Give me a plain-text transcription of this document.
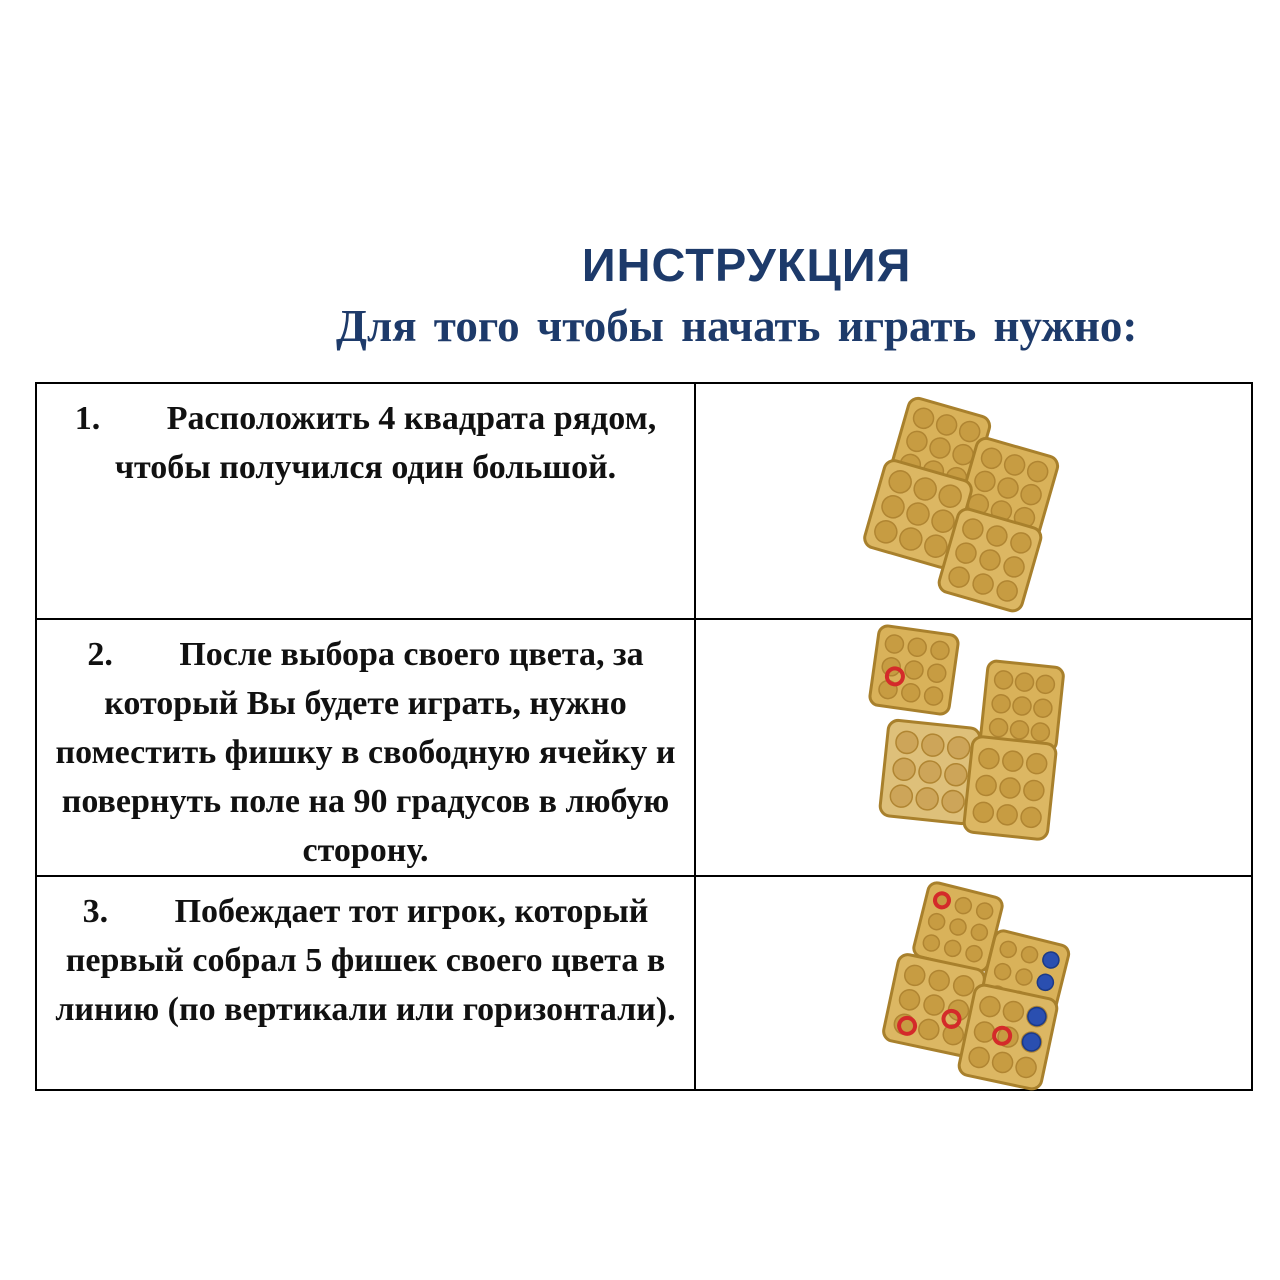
ИНСТРУКЦИЯ
Для того чтобы начать играть нужно:
1. Расположить 4 квадрата рядом, чтобы получился один большой.

2. После выбора своего цвета, за который Вы будете играть, нужно поместить фишку в свободную ячейку и повернуть поле на 90 градусов в любую сторону.

3. Побеждает тот игрок, который первый собрал 5 фишек своего цвета в линию (по вертикали или горизонтали).
